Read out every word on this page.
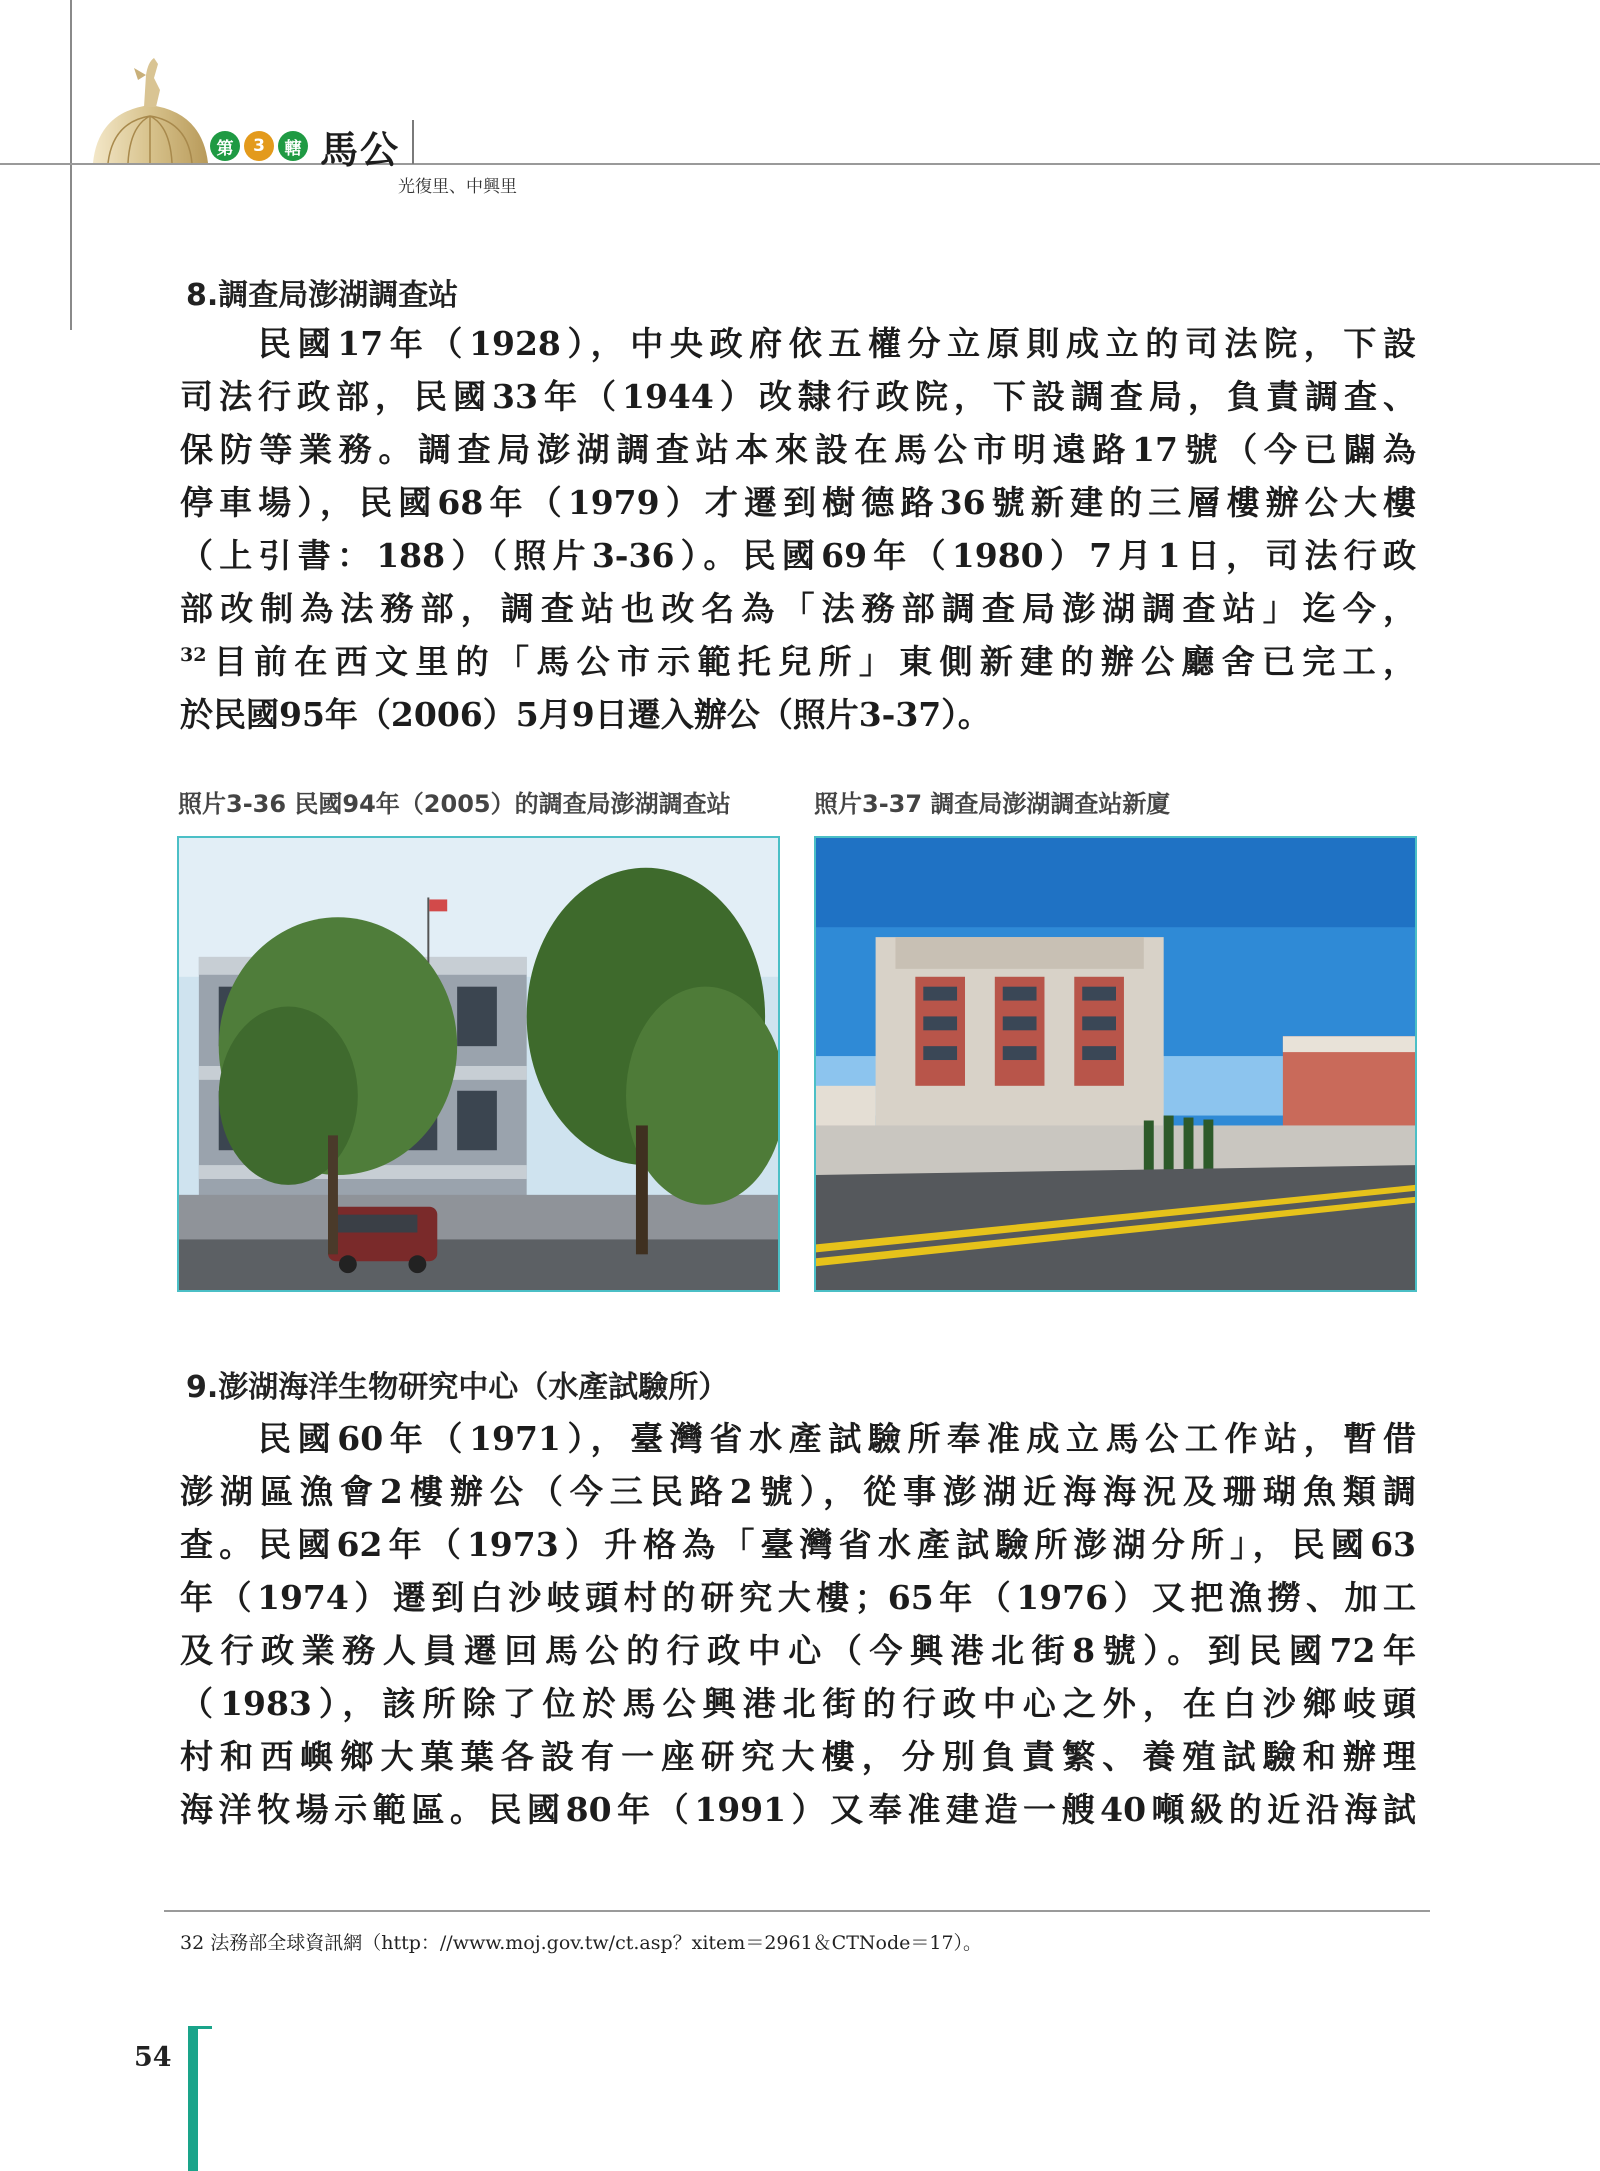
第	3	轄 馬公
光復里、中興里
8.調查局澎湖調查站
民國17年（1928），中央政府依五權分立原則成立的司法院，下設
司法行政部，民國33年（1944）改隸行政院，下設調查局，負責調查、
保防等業務。調查局澎湖調查站本來設在馬公市明遠路17號（今已闢為
停車場），民國68年（1979）才遷到樹德路36號新建的三層樓辦公大樓
（上引書：188）（照片3-36）。民國69年（1980）7月1日，司法行政
部改制為法務部，調查站也改名為「法務部調查局澎湖調查站」迄今，
$^{32}$目前在西文里的「馬公市示範托兒所」東側新建的辦公廳舍已完工，
於民國95年（2006）5月9日遷入辦公（照片3-37）。
照片3-36 民國94年（2005）的調查局澎湖調查站	照片3-37 調查局澎湖調查站新廈
9.澎湖海洋生物研究中心（水產試驗所）
民國60年（1971），臺灣省水產試驗所奉准成立馬公工作站，暫借
澎湖區漁會2樓辦公（今三民路2號），從事澎湖近海海況及珊瑚魚類調
查。民國62年（1973）升格為「臺灣省水產試驗所澎湖分所」，民國63
年（1974）遷到白沙岐頭村的研究大樓；65年（1976）又把漁撈、加工
及行政業務人員遷回馬公的行政中心（今興港北街8號）。到民國72年
（1983），該所除了位於馬公興港北街的行政中心之外，在白沙鄉岐頭
村和西嶼鄉大菓葉各設有一座研究大樓，分別負責繁、養殖試驗和辦理
海洋牧場示範區。民國80年（1991）又奉准建造一艘40噸級的近沿海試
32 法務部全球資訊網（http：//www.moj.gov.tw/ct.asp？xitem＝2961＆CTNode＝17）。
54
